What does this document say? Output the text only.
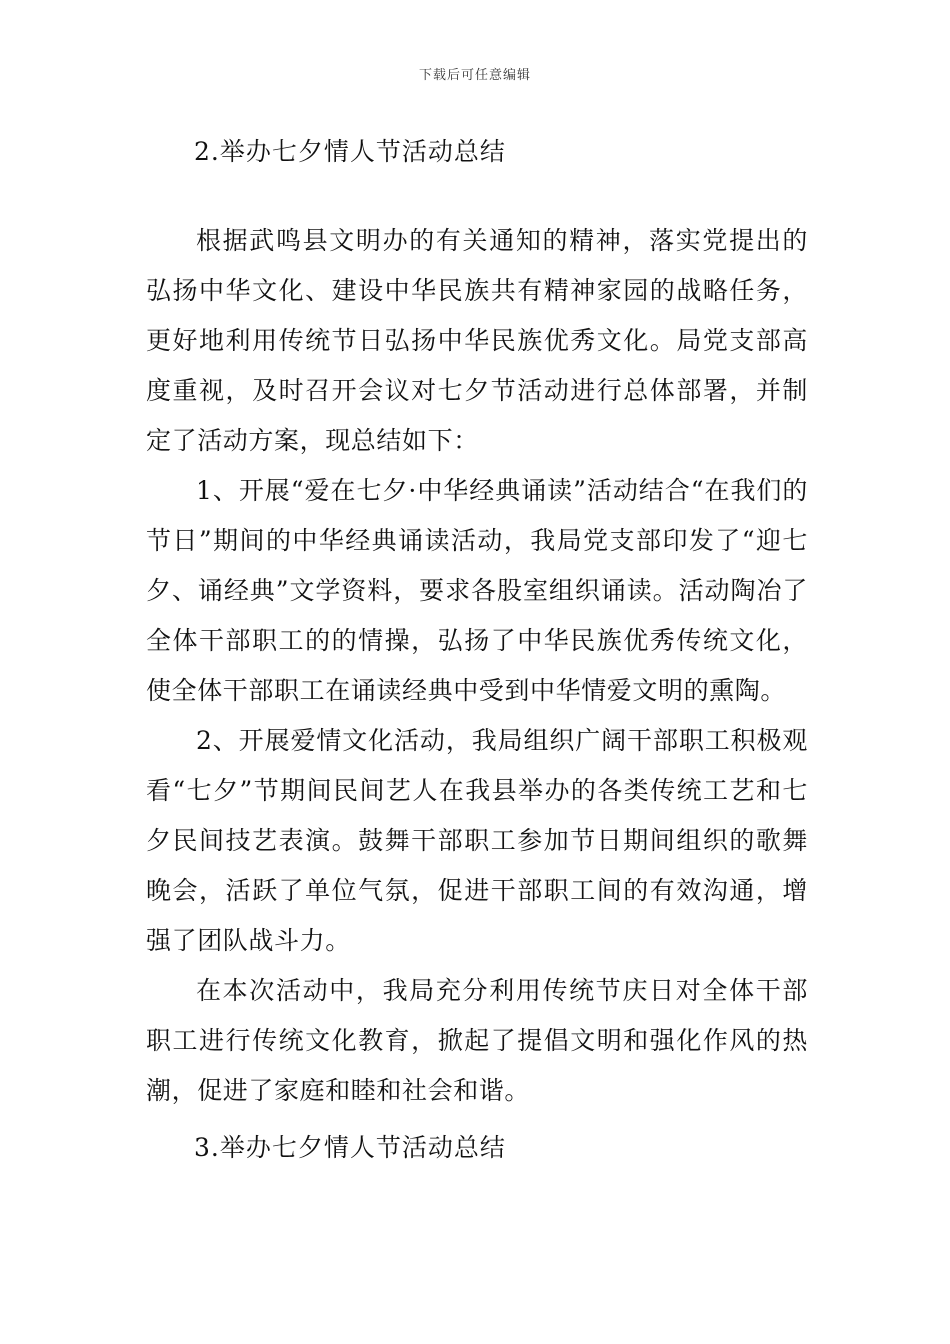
下载后可任意编辑

2.举办七夕情人节活动总结

根据武鸣县文明办的有关通知的精神，落实党提出的弘扬中华文化、建设中华民族共有精神家园的战略任务，更好地利用传统节日弘扬中华民族优秀文化。局党支部高度重视，及时召开会议对七夕节活动进行总体部署，并制定了活动方案，现总结如下：

1、开展“爱在七夕·中华经典诵读”活动结合“在我们的节日”期间的中华经典诵读活动，我局党支部印发了“迎七夕、诵经典”文学资料，要求各股室组织诵读。活动陶冶了全体干部职工的的情操，弘扬了中华民族优秀传统文化，使全体干部职工在诵读经典中受到中华情爱文明的熏陶。

2、开展爱情文化活动，我局组织广阔干部职工积极观看“七夕”节期间民间艺人在我县举办的各类传统工艺和七夕民间技艺表演。鼓舞干部职工参加节日期间组织的歌舞晚会，活跃了单位气氛，促进干部职工间的有效沟通，增强了团队战斗力。

在本次活动中，我局充分利用传统节庆日对全体干部职工进行传统文化教育，掀起了提倡文明和强化作风的热潮，促进了家庭和睦和社会和谐。

3.举办七夕情人节活动总结
